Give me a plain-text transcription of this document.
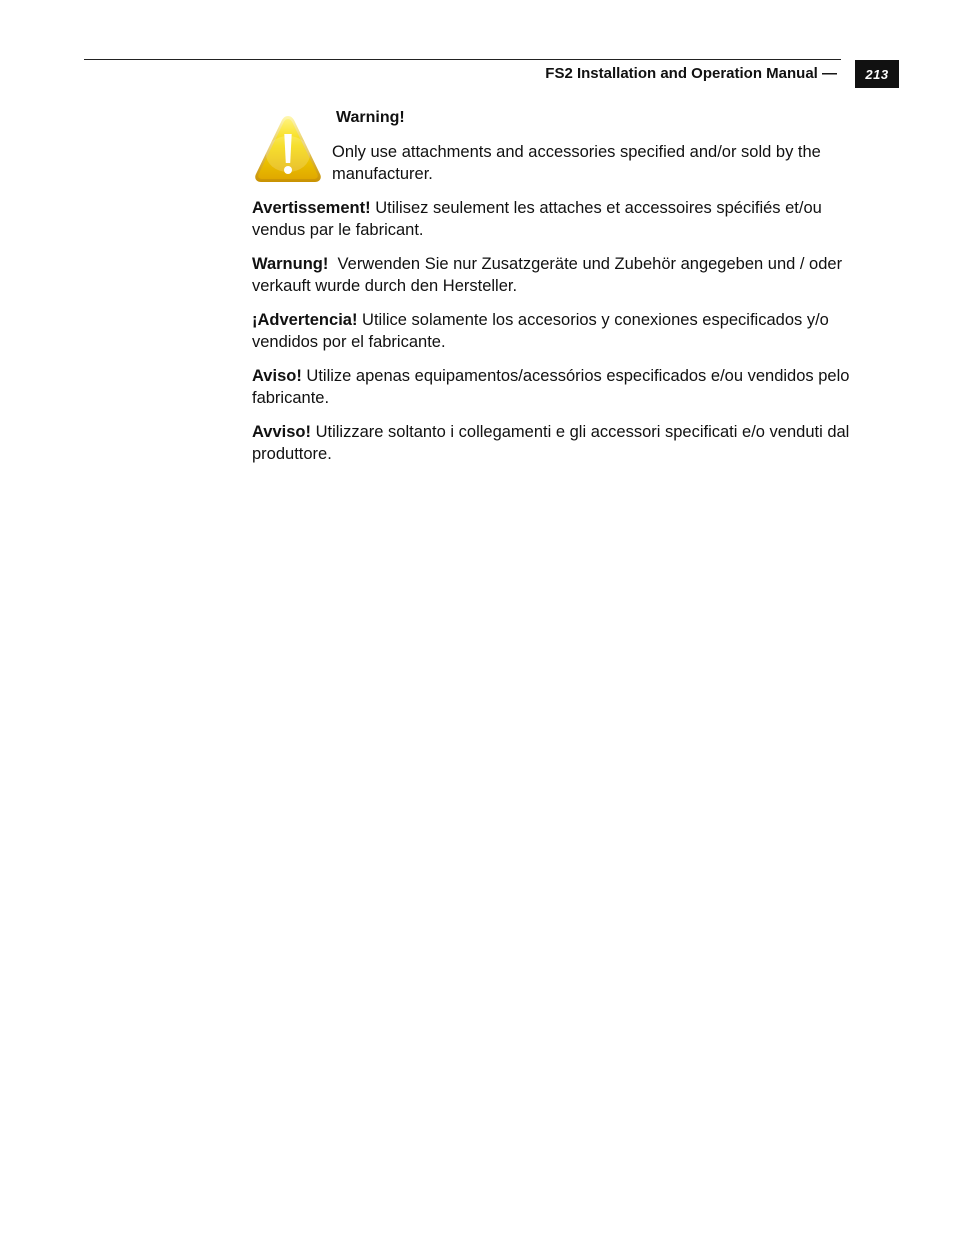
FS2 Installation and Operation Manual —	213
Warning!
Only use attachments and accessories specified and/or sold by the manufacturer.
Avertissement! Utilisez seulement les attaches et accessoires spécifiés et/ou vendus par le fabricant.
Warnung!  Verwenden Sie nur Zusatzgeräte und Zubehör angegeben und / oder verkauft wurde durch den Hersteller.
¡Advertencia! Utilice solamente los accesorios y conexiones especificados y/o vendidos por el fabricante.
Aviso! Utilize apenas equipamentos/acessórios especificados e/ou vendidos pelo fabricante.
Avviso! Utilizzare soltanto i collegamenti e gli accessori specificati e/o venduti dal produttore.
